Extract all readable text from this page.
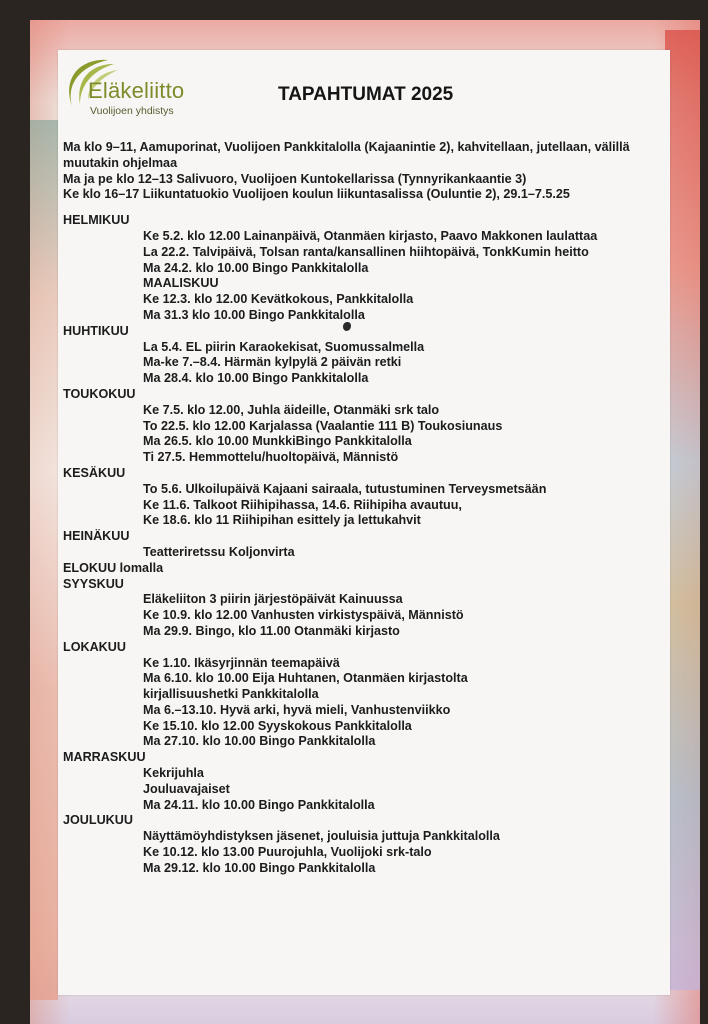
Eläkeliitto
Vuolijoen yhdistys
TAPAHTUMAT 2025
Ma klo 9–11, Aamuporinat, Vuolijoen Pankkitalolla (Kajaanintie 2), kahvitellaan, jutellaan, välillä muutakin ohjelmaa
Ma ja pe klo 12–13 Salivuoro, Vuolijoen Kuntokellarissa (Tynnyrikankaantie 3)
Ke klo 16–17 Liikuntatuokio Vuolijoen koulun liikuntasalissa (Ouluntie 2), 29.1–7.5.25
HELMIKUU
Ke 5.2. klo 12.00 Lainanpäivä, Otanmäen kirjasto, Paavo Makkonen laulattaa
La 22.2. Talvipäivä, Tolsan ranta/kansallinen hiihtopäivä, TonkKumin heitto
Ma 24.2. klo 10.00 Bingo Pankkitalolla
MAALISKUU
Ke 12.3. klo 12.00 Kevätkokous, Pankkitalolla
Ma 31.3 klo 10.00 Bingo Pankkitalolla
HUHTIKUU
La 5.4. EL piirin Karaokekisat, Suomussalmella
Ma-ke 7.–8.4. Härmän kylpylä 2 päivän retki
Ma 28.4. klo 10.00 Bingo Pankkitalolla
TOUKOKUU
Ke 7.5. klo 12.00, Juhla äideille, Otanmäki srk talo
To 22.5. klo 12.00 Karjalassa (Vaalantie 111 B) Toukosiunaus
Ma 26.5. klo 10.00 MunkkiBingo Pankkitalolla
Ti 27.5. Hemmottelu/huoltopäivä, Männistö
KESÄKUU
To 5.6. Ulkoilupäivä Kajaani sairaala, tutustuminen Terveysmetsään
Ke 11.6. Talkoot Riihipihassa, 14.6. Riihipiha avautuu,
Ke 18.6. klo 11 Riihipihan esittely ja lettukahvit
HEINÄKUU
Teatteriretssu Koljonvirta
ELOKUU lomalla
SYYSKUU
Eläkeliiton 3 piirin järjestöpäivät Kainuussa
Ke 10.9. klo 12.00 Vanhusten virkistyspäivä, Männistö
Ma 29.9. Bingo, klo 11.00 Otanmäki kirjasto
LOKAKUU
Ke 1.10. Ikäsyrjinnän teemapäivä
Ma 6.10. klo 10.00 Eija Huhtanen, Otanmäen kirjastolta
kirjallisuushetki Pankkitalolla
Ma 6.–13.10. Hyvä arki, hyvä mieli, Vanhustenviikko
Ke 15.10. klo 12.00 Syyskokous Pankkitalolla
Ma 27.10. klo 10.00 Bingo Pankkitalolla
MARRASKUU
Kekrijuhla
Jouluavajaiset
Ma 24.11. klo 10.00 Bingo Pankkitalolla
JOULUKUU
Näyttämöyhdistyksen jäsenet, jouluisia juttuja Pankkitalolla
Ke 10.12. klo 13.00 Puurojuhla, Vuolijoki srk-talo
Ma 29.12. klo 10.00 Bingo Pankkitalolla
